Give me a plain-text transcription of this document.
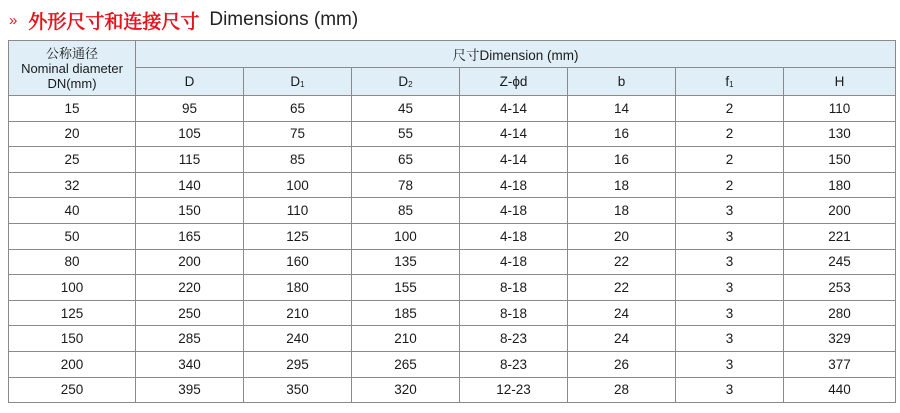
» 外形尺寸和连接尺寸 Dimensions (mm)
公称通径
Nominal diameter
DN(mm)	尺寸Dimension (mm)						
	D	$D_1$	$D_2$	Z-ϕd	b	$f_1$	H
15	95	65	45	4-14	14	2	110
20	105	75	55	4-14	16	2	130
25	115	85	65	4-14	16	2	150
32	140	100	78	4-18	18	2	180
40	150	110	85	4-18	18	3	200
50	165	125	100	4-18	20	3	221
80	200	160	135	4-18	22	3	245
100	220	180	155	8-18	22	3	253
125	250	210	185	8-18	24	3	280
150	285	240	210	8-23	24	3	329
200	340	295	265	8-23	26	3	377
250	395	350	320	12-23	28	3	440
